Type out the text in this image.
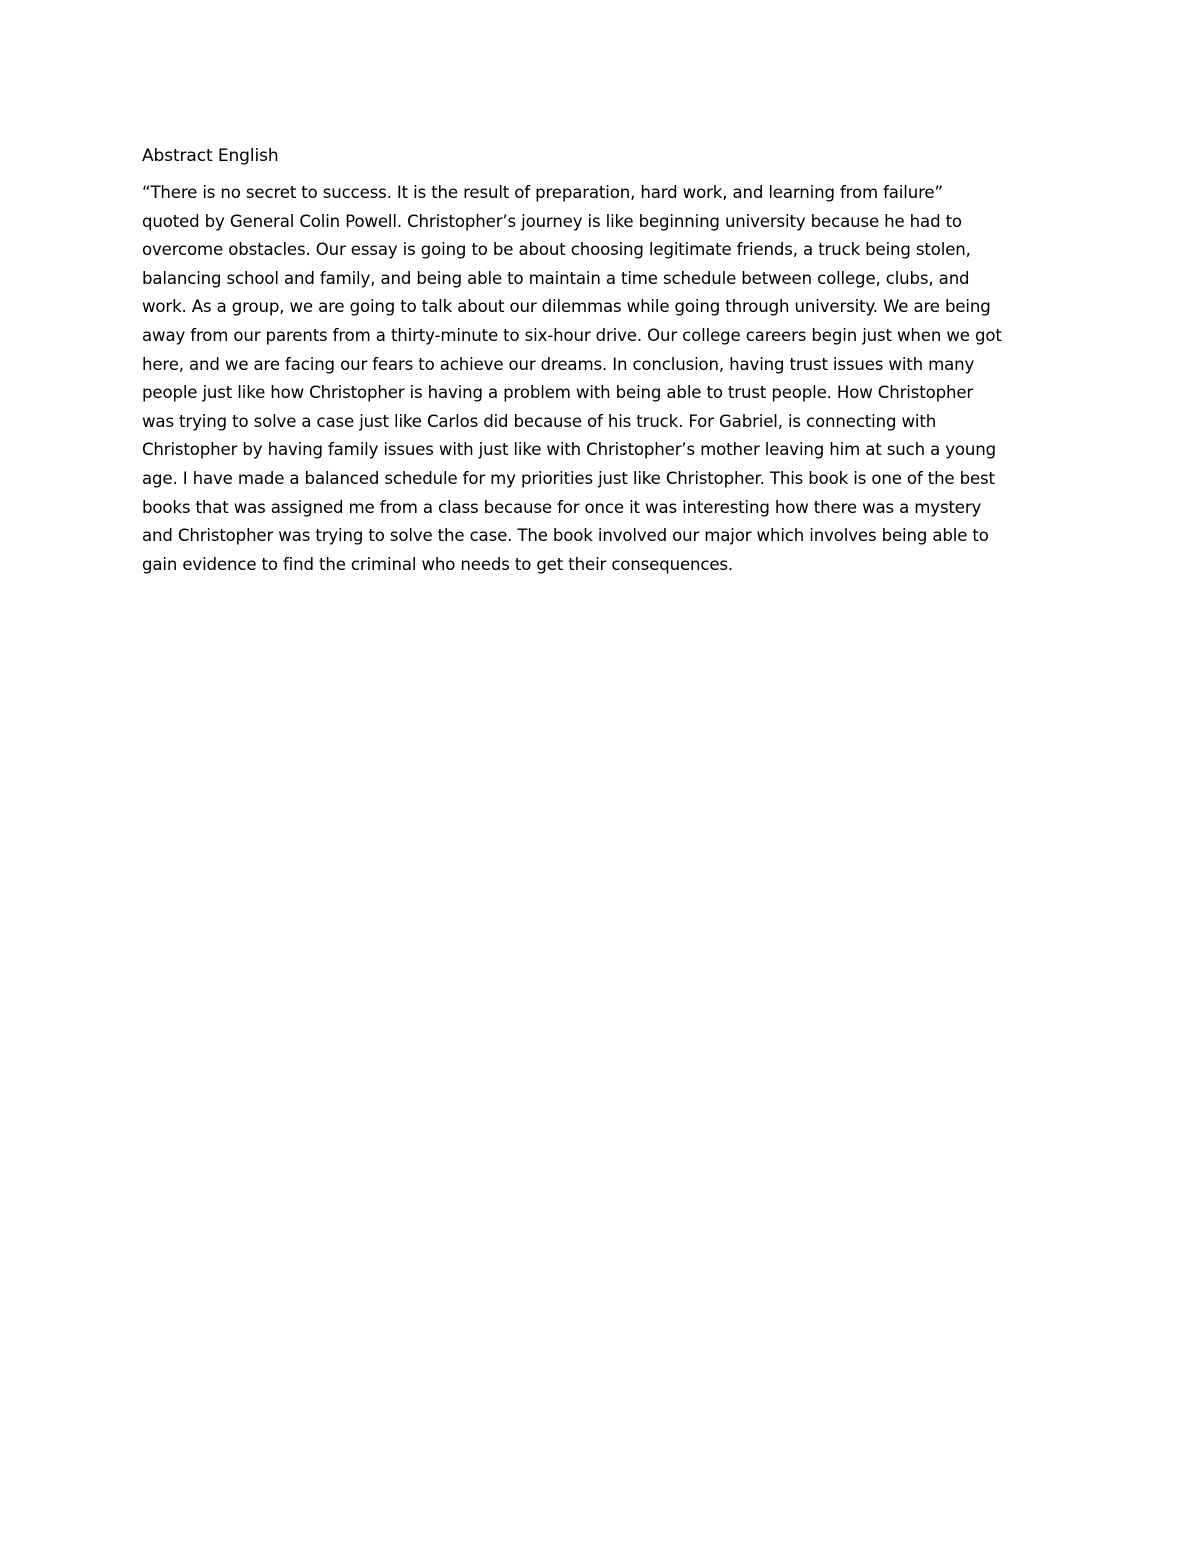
Abstract English
“There is no secret to success. It is the result of preparation, hard work, and learning from failure”
quoted by General Colin Powell. Christopher’s journey is like beginning university because he had to
overcome obstacles. Our essay is going to be about choosing legitimate friends, a truck being stolen,
balancing school and family, and being able to maintain a time schedule between college, clubs, and
work. As a group, we are going to talk about our dilemmas while going through university. We are being
away from our parents from a thirty-minute to six-hour drive. Our college careers begin just when we got
here, and we are facing our fears to achieve our dreams. In conclusion, having trust issues with many
people just like how Christopher is having a problem with being able to trust people. How Christopher
was trying to solve a case just like Carlos did because of his truck. For Gabriel, is connecting with
Christopher by having family issues with just like with Christopher’s mother leaving him at such a young
age. I have made a balanced schedule for my priorities just like Christopher. This book is one of the best
books that was assigned me from a class because for once it was interesting how there was a mystery
and Christopher was trying to solve the case. The book involved our major which involves being able to
gain evidence to find the criminal who needs to get their consequences.
